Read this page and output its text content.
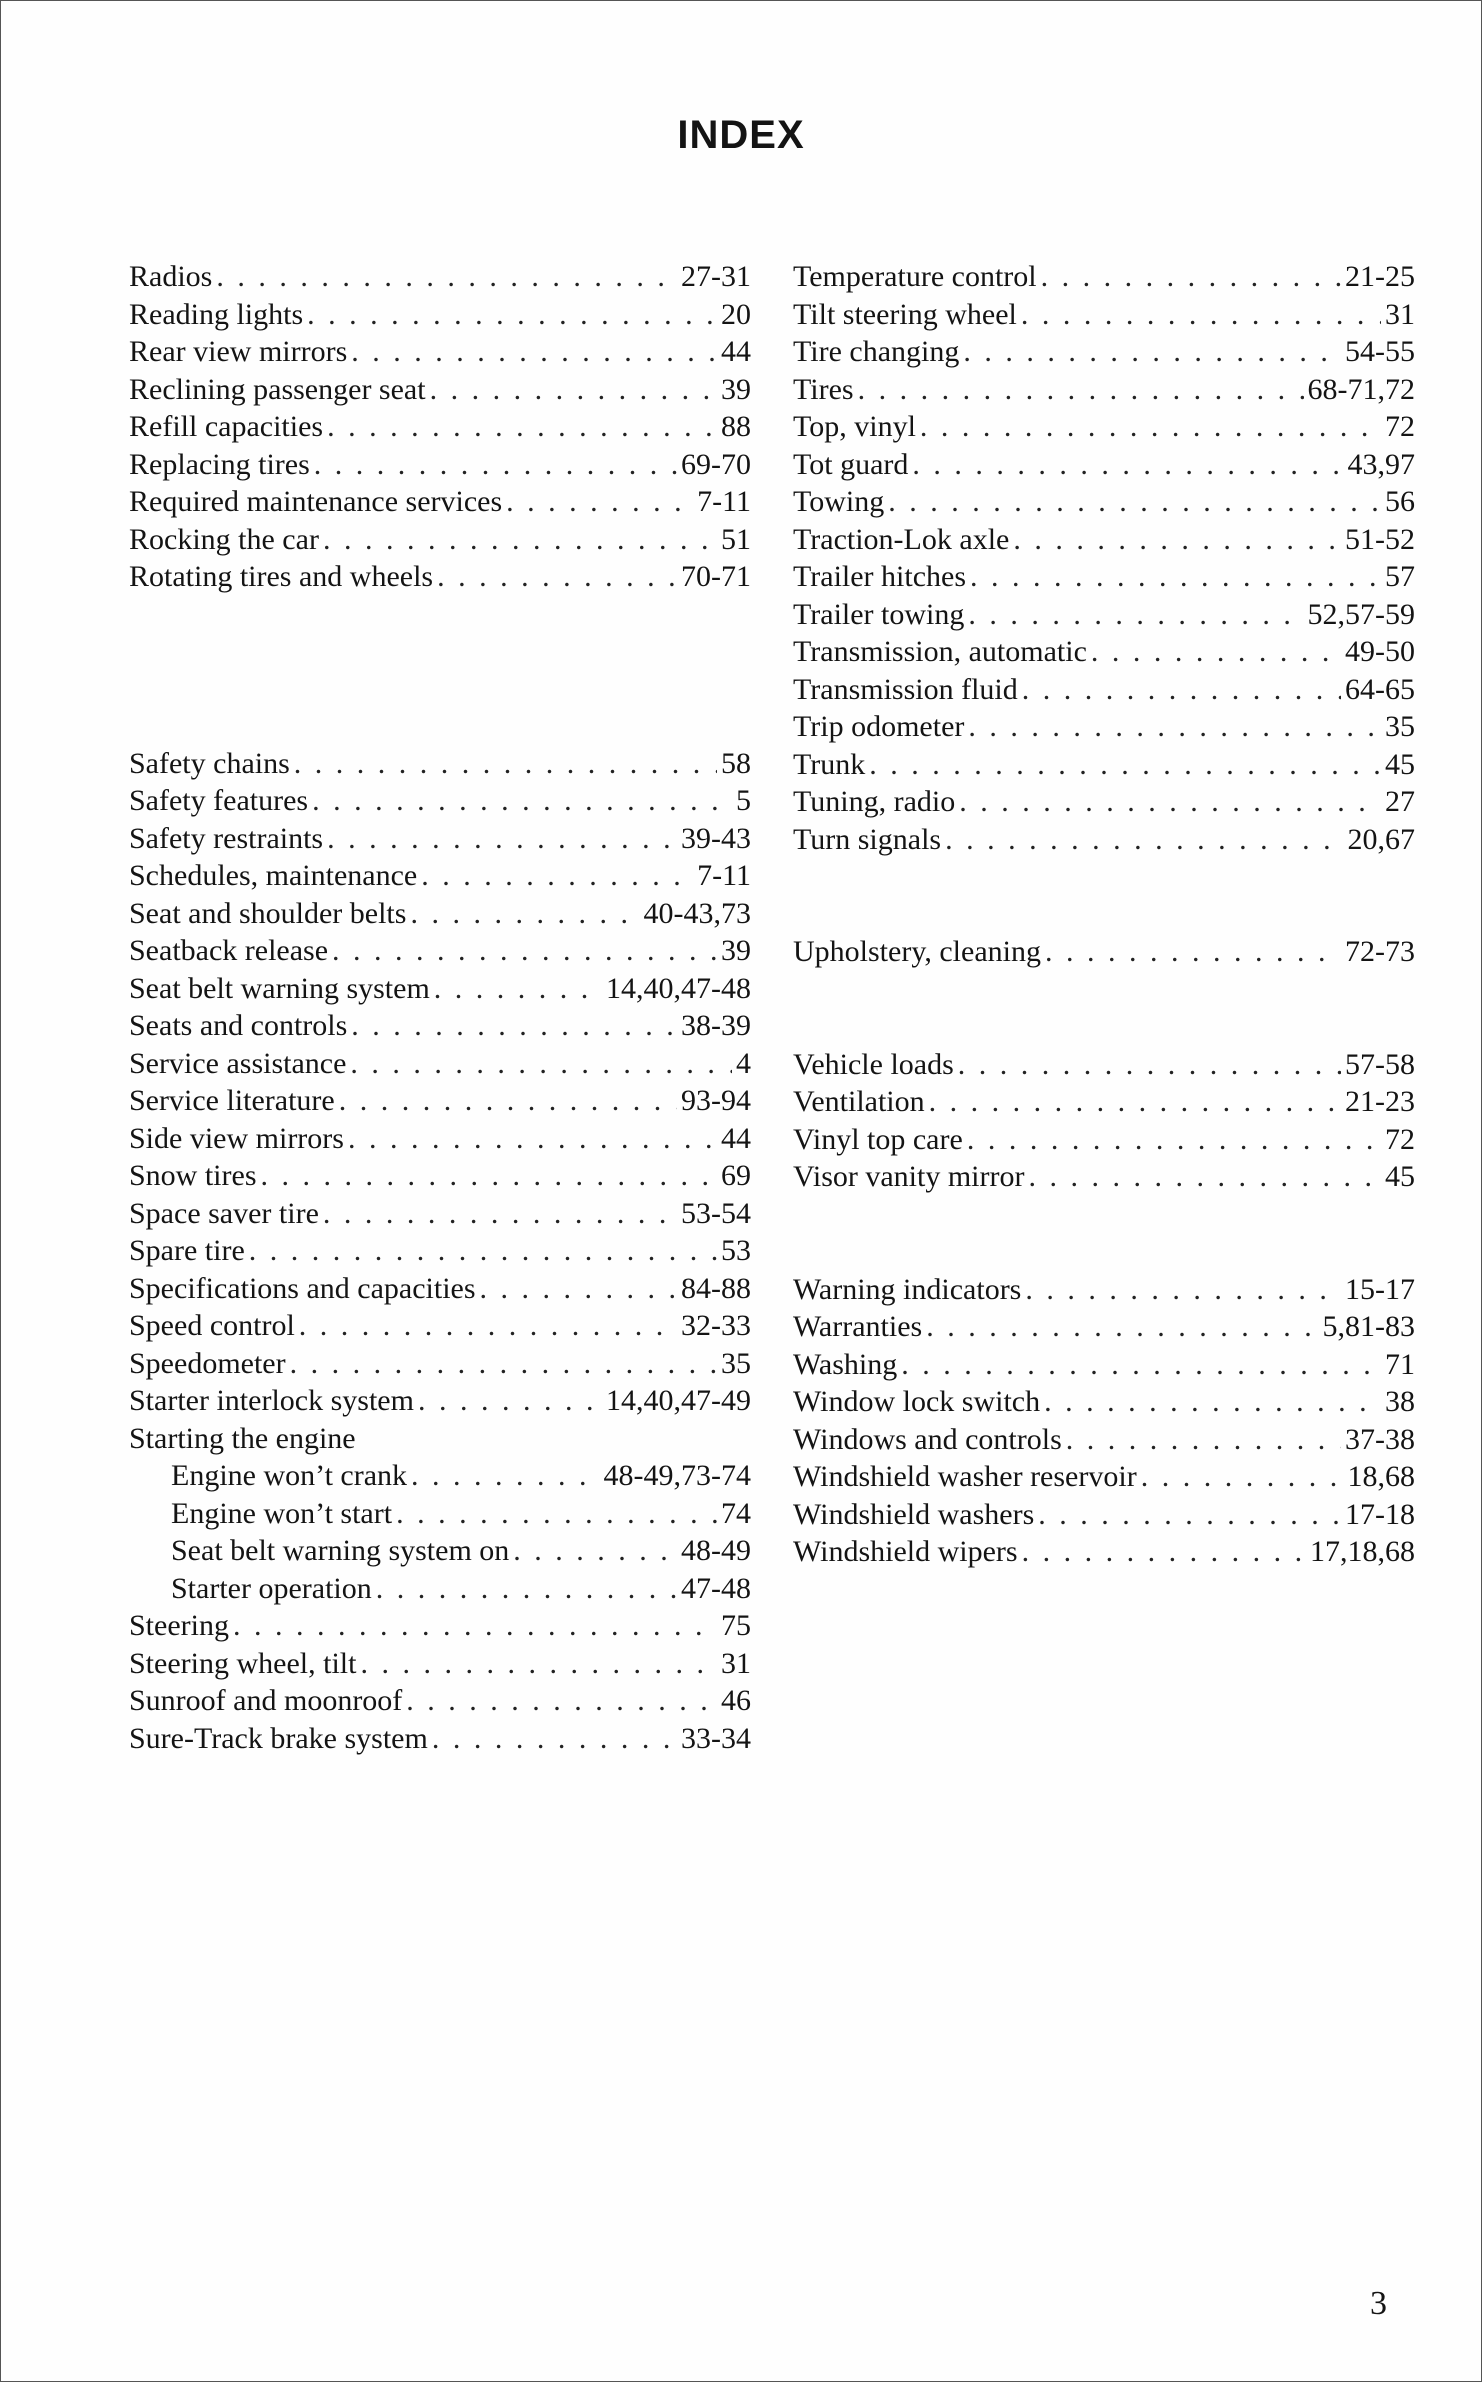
INDEX
Radios . . .	27-31
Reading lights . . .	20
Rear view mirrors . . .	44
Reclining passenger seat . . .	39
Refill capacities . . .	88
Replacing tires . . .	69-70
Required maintenance services . . .	7-11
Rocking the car . . .	51
Rotating tires and wheels . . .	70-71
Safety chains . . .	58
Safety features . . .	5
Safety restraints . . .	39-43
Schedules, maintenance . . .	7-11
Seat and shoulder belts . . .	40-43,73
Seatback release . . .	39
Seat belt warning system . . .	14,40,47-48
Seats and controls . . .	38-39
Service assistance . . .	4
Service literature . . .	93-94
Side view mirrors . . .	44
Snow tires . . .	69
Space saver tire . . .	53-54
Spare tire . . .	53
Specifications and capacities . . .	84-88
Speed control . . .	32-33
Speedometer . . .	35
Starter interlock system . . .	14,40,47-49
Starting the engine
Engine won’t crank . . .	48-49,73-74
Engine won’t start . . .	74
Seat belt warning system on . . .	48-49
Starter operation . . .	47-48
Steering . . .	75
Steering wheel, tilt . . .	31
Sunroof and moonroof . . .	46
Sure-Track brake system . . .	33-34
Temperature control . . .	21-25
Tilt steering wheel . . .	31
Tire changing . . .	54-55
Tires . . .	68-71,72
Top, vinyl . . .	72
Tot guard . . .	43,97
Towing . . .	56
Traction-Lok axle . . .	51-52
Trailer hitches . . .	57
Trailer towing . . .	52,57-59
Transmission, automatic . . .	49-50
Transmission fluid . . .	64-65
Trip odometer . . .	35
Trunk . . .	45
Tuning, radio . . .	27
Turn signals . . .	20,67
Upholstery, cleaning . . .	72-73
Vehicle loads . . .	57-58
Ventilation . . .	21-23
Vinyl top care . . .	72
Visor vanity mirror . . .	45
Warning indicators . . .	15-17
Warranties . . .	5,81-83
Washing . . .	71
Window lock switch . . .	38
Windows and controls . . .	37-38
Windshield washer reservoir . . .	18,68
Windshield washers . . .	17-18
Windshield wipers . . .	17,18,68
3
